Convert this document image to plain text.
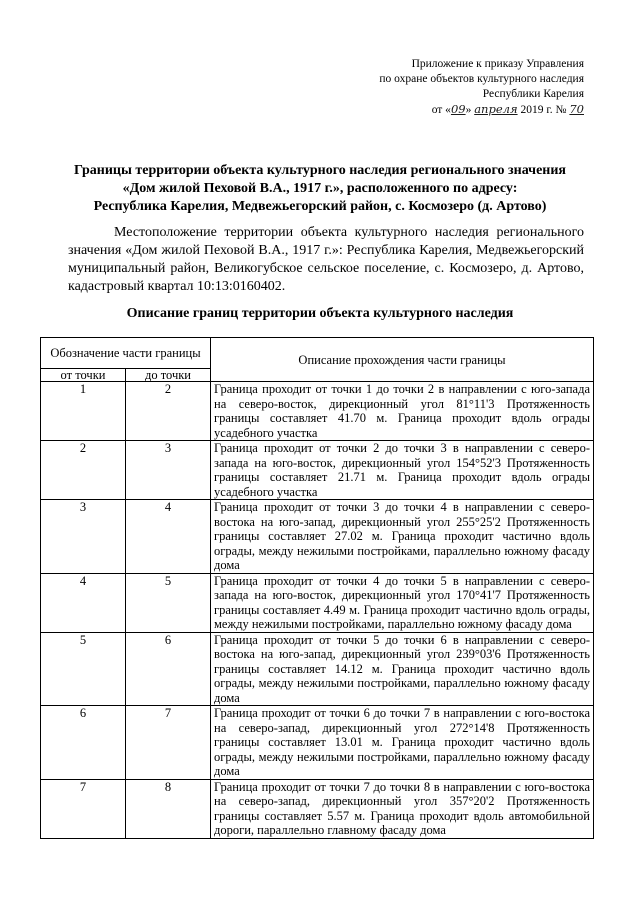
Приложение к приказу Управления
по охране объектов культурного наследия
Республики Карелия
от «09» апреля 2019 г. № 70
Границы территории объекта культурного наследия регионального значения
«Дом жилой Пеховой В.А., 1917 г.», расположенного по адресу:
Республика Карелия, Медвежьегорский район, с. Космозеро (д. Артово)
Местоположение территории объекта культурного наследия регионального значения «Дом жилой Пеховой В.А., 1917 г.»: Республика Карелия, Медвежьегорский муниципальный район, Великогубское сельское поселение, с. Космозеро, д. Артово, кадастровый квартал 10:13:0160402.
Описание границ территории объекта культурного наследия
Обозначение части границы		Описание прохождения части границы
от точки	до точки	
1	2	Граница проходит от точки 1 до точки 2 в направлении с юго-запада на северо-восток, дирекционный угол 81°11'3 Протяженность границы составляет 41.70 м. Граница проходит вдоль ограды усадебного участка
2	3	Граница проходит от точки 2 до точки 3 в направлении с северо-запада на юго-восток, дирекционный угол 154°52'3 Протяженность границы составляет 21.71 м. Граница проходит вдоль ограды усадебного участка
3	4	Граница проходит от точки 3 до точки 4 в направлении с северо-востока на юго-запад, дирекционный угол 255°25'2 Протяженность границы составляет 27.02 м. Граница проходит частично вдоль ограды, между нежилыми постройками, параллельно южному фасаду дома
4	5	Граница проходит от точки 4 до точки 5 в направлении с северо-запада на юго-восток, дирекционный угол 170°41'7 Протяженность границы составляет 4.49 м. Граница проходит частично вдоль ограды, между нежилыми постройками, параллельно южному фасаду дома
5	6	Граница проходит от точки 5 до точки 6 в направлении с северо-востока на юго-запад, дирекционный угол 239°03'6 Протяженность границы составляет 14.12 м. Граница проходит частично вдоль ограды, между нежилыми постройками, параллельно южному фасаду дома
6	7	Граница проходит от точки 6 до точки 7 в направлении с юго-востока на северо-запад, дирекционный угол 272°14'8 Протяженность границы составляет 13.01 м. Граница проходит частично вдоль ограды, между нежилыми постройками, параллельно южному фасаду дома
7	8	Граница проходит от точки 7 до точки 8 в направлении с юго-востока на северо-запад, дирекционный угол 357°20'2 Протяженность границы составляет 5.57 м. Граница проходит вдоль автомобильной дороги, параллельно главному фасаду дома
